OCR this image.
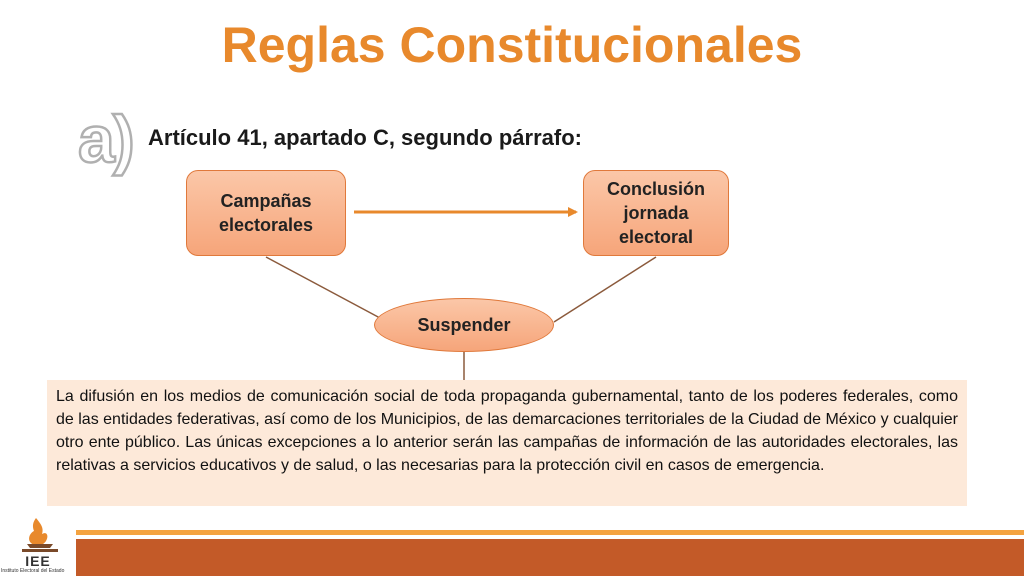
Reglas Constitucionales
a) Artículo 41, apartado C, segundo párrafo:
Campañas electorales
Conclusión jornada electoral
Suspender
La difusión en los medios de comunicación social de toda propaganda gubernamental, tanto de los poderes federales, como de las entidades federativas, así como de los Municipios, de las demarcaciones territoriales de la Ciudad de México y cualquier otro ente público. Las únicas excepciones a lo anterior serán las campañas de información de las autoridades electorales, las relativas a servicios educativos y de salud, o las necesarias para la protección civil en casos de emergencia.
IEE
Instituto Electoral del Estado
